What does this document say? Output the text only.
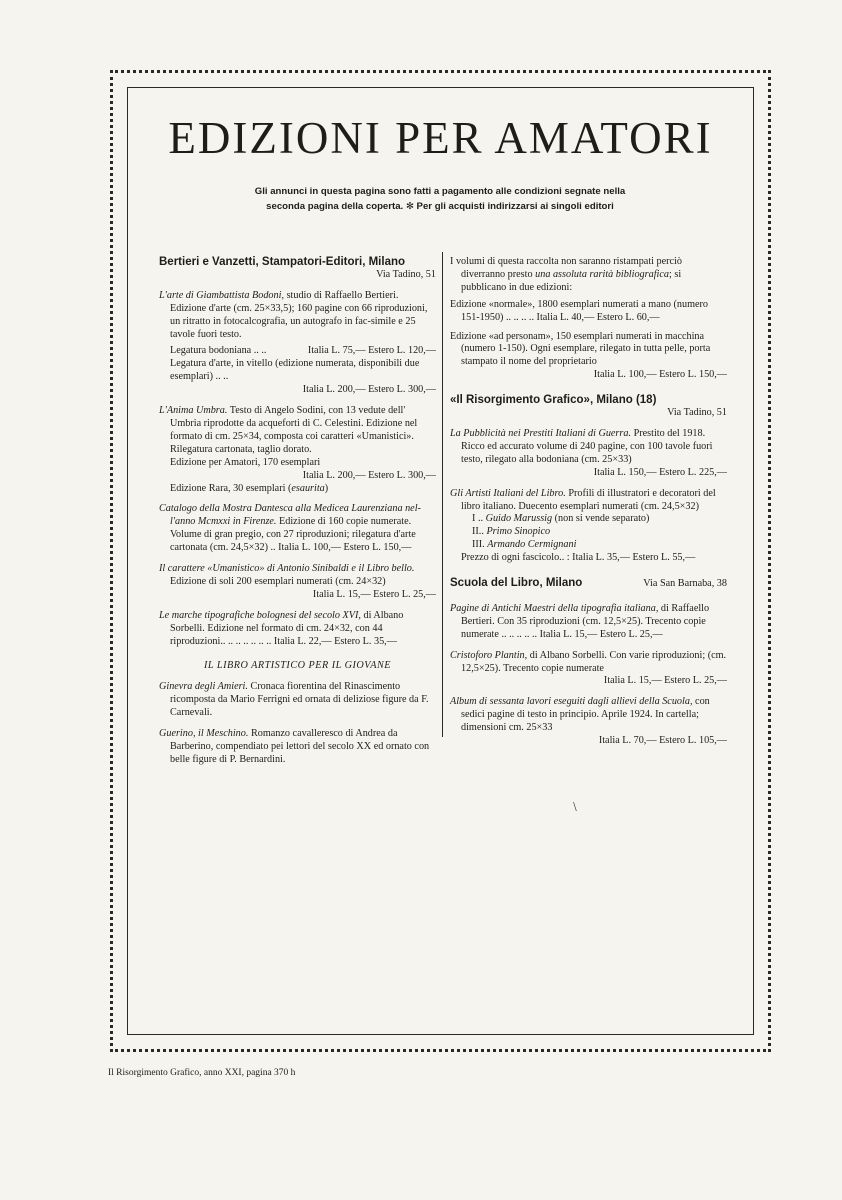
EDIZIONI PER AMATORI
Gli annunci in questa pagina sono fatti a pagamento alle condizioni segnate nella
seconda pagina della coperta. ✻ Per gli acquisti indirizzarsi ai singoli editori
Bertieri e Vanzetti, Stampatori-Editori, Milano
Via Tadino, 51
L'arte di Giambattista Bodoni, studio di Raffaello Bertieri. Edizione d'arte (cm. 25×33,5); 160 pagine con 66 riproduzioni, un ritratto in fotocalcografia, un autografo in fac-simile e 25 tavole fuori testo.
Legatura bodoniana .. ..	Italia L. 75,— Estero L. 120,—
Legatura d'arte, in vitello (edizione numerata, disponibili due esemplari) .. ..
Italia L. 200,— Estero L. 300,—
L'Anima Umbra. Testo di Angelo Sodini, con 13 vedute dell' Umbria riprodotte da acqueforti di C. Celestini. Edizione nel formato di cm. 25×34, composta coi caratteri «Umanistici». Rilegatura cartonata, taglio dorato.
Edizione per Amatori, 170 esemplari
Italia L. 200,— Estero L. 300,—
Edizione Rara, 30 esemplari (esaurita)
Catalogo della Mostra Dantesca alla Medicea Laurenziana nel-l'anno Mcmxxi in Firenze. Edizione di 160 copie numerate. Volume di gran pregio, con 27 riproduzioni; rilegatura d'arte cartonata (cm. 24,5×32) .. Italia L. 100,— Estero L. 150,—
Il carattere «Umanistico» di Antonio Sinibaldi e il Libro bello. Edizione di soli 200 esemplari numerati (cm. 24×32)
Italia L. 15,— Estero L. 25,—
Le marche tipografiche bolognesi del secolo XVI, di Albano Sorbelli. Edizione nel formato di cm. 24×32, con 44 riproduzioni.. .. .. .. .. .. .. Italia L. 22,— Estero L. 35,—
IL LIBRO ARTISTICO PER IL GIOVANE
Ginevra degli Amieri. Cronaca fiorentina del Rinascimento ricomposta da Mario Ferrigni ed ornata di deliziose figure da F. Carnevali.
Guerino, il Meschino. Romanzo cavalleresco di Andrea da Barberino, compendiato pei lettori del secolo XX ed ornato con belle figure di P. Bernardini.
I volumi di questa raccolta non saranno ristampati perciò diverranno presto una assoluta rarità bibliografica; si pubblicano in due edizioni:
Edizione «normale», 1800 esemplari numerati a mano (numero 151-1950) .. .. .. .. Italia L. 40,— Estero L. 60,—
Edizione «ad personam», 150 esemplari numerati in macchina (numero 1-150). Ogni esemplare, rilegato in tutta pelle, porta stampato il nome del proprietario
Italia L. 100,— Estero L. 150,—
«Il Risorgimento Grafico», Milano (18)
Via Tadino, 51
La Pubblicità nei Prestiti Italiani di Guerra. Prestito del 1918. Ricco ed accurato volume di 240 pagine, con 100 tavole fuori testo, rilegato alla bodoniana (cm. 25×33)
Italia L. 150,— Estero L. 225,—
Gli Artisti Italiani del Libro. Profili di illustratori e decoratori del libro italiano. Duecento esemplari numerati (cm. 24,5×32)
I .. Guido Marussig (non si vende separato)
II.. Primo Sinopico
III. Armando Cermignani
Prezzo di ogni fascicolo.. : Italia L. 35,— Estero L. 55,—
Scuola del Libro, Milano	Via San Barnaba, 38
Pagine di Antichi Maestri della tipografia italiana, di Raffaello Bertieri. Con 35 riproduzioni (cm. 12,5×25). Trecento copie numerate .. .. .. .. .. Italia L. 15,— Estero L. 25,—
Cristoforo Plantin, di Albano Sorbelli. Con varie riproduzioni; (cm. 12,5×25). Trecento copie numerate
Italia L. 15,— Estero L. 25,—
Album di sessanta lavori eseguiti dagli allievi della Scuola, con sedici pagine di testo in principio. Aprile 1924. In cartella; dimensioni cm. 25×33
Italia L. 70,— Estero L. 105,—
﹨
Il Risorgimento Grafico, anno XXI, pagina 370 h
